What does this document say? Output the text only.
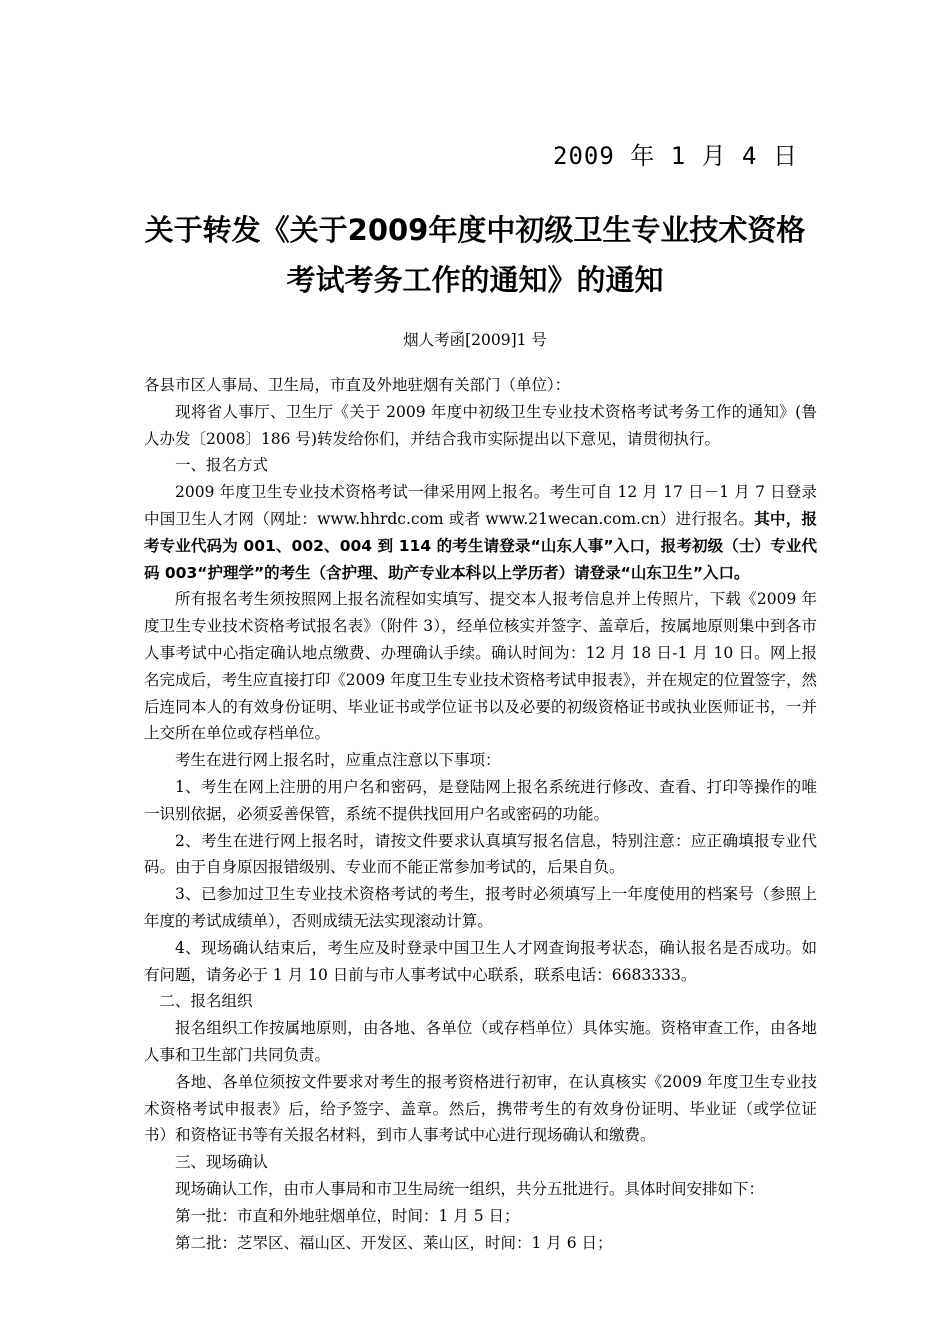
2009 年 1 月 4 日
关于转发《关于2009年度中初级卫生专业技术资格
考试考务工作的通知》的通知
烟人考函[2009]1 号

各县市区人事局、卫生局，市直及外地驻烟有关部门（单位）：

现将省人事厅、卫生厅《关于 2009 年度中初级卫生专业技术资格考试考务工作的通知》(鲁人办发〔2008〕186 号)转发给你们，并结合我市实际提出以下意见，请贯彻执行。

一、报名方式

2009 年度卫生专业技术资格考试一律采用网上报名。考生可自 12 月 17 日－1 月 7 日登录中国卫生人才网（网址：www.hhrdc.com 或者 www.21wecan.com.cn）进行报名。其中，报考专业代码为 001、002、004 到 114 的考生请登录“山东人事”入口，报考初级（士）专业代码 003“护理学”的考生（含护理、助产专业本科以上学历者）请登录“山东卫生”入口。

所有报名考生须按照网上报名流程如实填写、提交本人报考信息并上传照片，下载《2009 年度卫生专业技术资格考试报名表》（附件 3），经单位核实并签字、盖章后，按属地原则集中到各市人事考试中心指定确认地点缴费、办理确认手续。确认时间为：12 月 18 日-1 月 10 日。网上报名完成后，考生应直接打印《2009 年度卫生专业技术资格考试申报表》，并在规定的位置签字，然后连同本人的有效身份证明、毕业证书或学位证书以及必要的初级资格证书或执业医师证书，一并上交所在单位或存档单位。

考生在进行网上报名时，应重点注意以下事项：

1、考生在网上注册的用户名和密码，是登陆网上报名系统进行修改、查看、打印等操作的唯一识别依据，必须妥善保管，系统不提供找回用户名或密码的功能。

2、考生在进行网上报名时，请按文件要求认真填写报名信息，特别注意：应正确填报专业代码。由于自身原因报错级别、专业而不能正常参加考试的，后果自负。

3、已参加过卫生专业技术资格考试的考生，报考时必须填写上一年度使用的档案号（参照上年度的考试成绩单），否则成绩无法实现滚动计算。

4、现场确认结束后，考生应及时登录中国卫生人才网查询报考状态，确认报名是否成功。如有问题，请务必于 1 月 10 日前与市人事考试中心联系，联系电话：6683333。

二、报名组织

报名组织工作按属地原则，由各地、各单位（或存档单位）具体实施。资格审查工作，由各地人事和卫生部门共同负责。

各地、各单位须按文件要求对考生的报考资格进行初审，在认真核实《2009 年度卫生专业技术资格考试申报表》后，给予签字、盖章。然后，携带考生的有效身份证明、毕业证（或学位证书）和资格证书等有关报名材料，到市人事考试中心进行现场确认和缴费。

三、现场确认

现场确认工作，由市人事局和市卫生局统一组织，共分五批进行。具体时间安排如下：

第一批：市直和外地驻烟单位，时间：1 月 5 日；

第二批：芝罘区、福山区、开发区、莱山区，时间：1 月 6 日；
